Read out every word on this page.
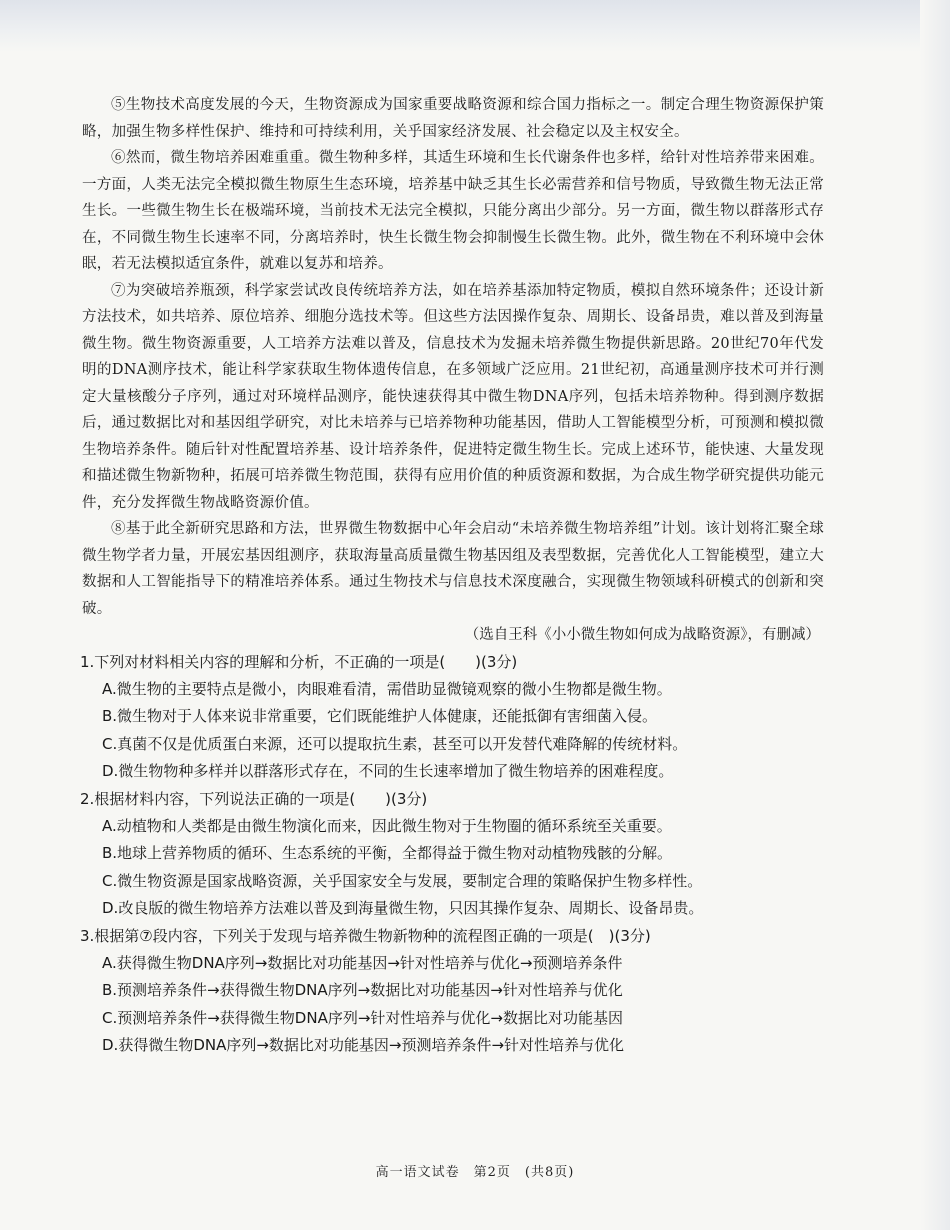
⑤生物技术高度发展的今天，生物资源成为国家重要战略资源和综合国力指标之一。制定合理生物资源保护策略，加强生物多样性保护、维持和可持续利用，关乎国家经济发展、社会稳定以及主权安全。

⑥然而，微生物培养困难重重。微生物种多样，其适生环境和生长代谢条件也多样，给针对性培养带来困难。一方面，人类无法完全模拟微生物原生生态环境，培养基中缺乏其生长必需营养和信号物质，导致微生物无法正常生长。一些微生物生长在极端环境，当前技术无法完全模拟，只能分离出少部分。另一方面，微生物以群落形式存在，不同微生物生长速率不同，分离培养时，快生长微生物会抑制慢生长微生物。此外，微生物在不利环境中会休眠，若无法模拟适宜条件，就难以复苏和培养。

⑦为突破培养瓶颈，科学家尝试改良传统培养方法，如在培养基添加特定物质，模拟自然环境条件；还设计新方法技术，如共培养、原位培养、细胞分选技术等。但这些方法因操作复杂、周期长、设备昂贵，难以普及到海量微生物。微生物资源重要，人工培养方法难以普及，信息技术为发掘未培养微生物提供新思路。20世纪70年代发明的DNA测序技术，能让科学家获取生物体遗传信息，在多领域广泛应用。21世纪初，高通量测序技术可并行测定大量核酸分子序列，通过对环境样品测序，能快速获得其中微生物DNA序列，包括未培养物种。得到测序数据后，通过数据比对和基因组学研究，对比未培养与已培养物种功能基因，借助人工智能模型分析，可预测和模拟微生物培养条件。随后针对性配置培养基、设计培养条件，促进特定微生物生长。完成上述环节，能快速、大量发现和描述微生物新物种，拓展可培养微生物范围，获得有应用价值的种质资源和数据，为合成生物学研究提供功能元件，充分发挥微生物战略资源价值。

⑧基于此全新研究思路和方法，世界微生物数据中心年会启动“未培养微生物培养组”计划。该计划将汇聚全球微生物学者力量，开展宏基因组测序，获取海量高质量微生物基因组及表型数据，完善优化人工智能模型，建立大数据和人工智能指导下的精准培养体系。通过生物技术与信息技术深度融合，实现微生物领域科研模式的创新和突破。

（选自王科《小小微生物如何成为战略资源》，有删减）

1.下列对材料相关内容的理解和分析，不正确的一项是(　　)(3分)

A.微生物的主要特点是微小，肉眼难看清，需借助显微镜观察的微小生物都是微生物。

B.微生物对于人体来说非常重要，它们既能维护人体健康，还能抵御有害细菌入侵。

C.真菌不仅是优质蛋白来源，还可以提取抗生素，甚至可以开发替代难降解的传统材料。

D.微生物物种多样并以群落形式存在，不同的生长速率增加了微生物培养的困难程度。

2.根据材料内容，下列说法正确的一项是(　　)(3分)

A.动植物和人类都是由微生物演化而来，因此微生物对于生物圈的循环系统至关重要。

B.地球上营养物质的循环、生态系统的平衡，全都得益于微生物对动植物残骸的分解。

C.微生物资源是国家战略资源，关乎国家安全与发展，要制定合理的策略保护生物多样性。

D.改良版的微生物培养方法难以普及到海量微生物，只因其操作复杂、周期长、设备昂贵。

3.根据第⑦段内容，下列关于发现与培养微生物新物种的流程图正确的一项是(　)(3分)

A.获得微生物DNA序列→数据比对功能基因→针对性培养与优化→预测培养条件

B.预测培养条件→获得微生物DNA序列→数据比对功能基因→针对性培养与优化

C.预测培养条件→获得微生物DNA序列→针对性培养与优化→数据比对功能基因

D.获得微生物DNA序列→数据比对功能基因→预测培养条件→针对性培养与优化

高一语文试卷　第2页　(共8页)
